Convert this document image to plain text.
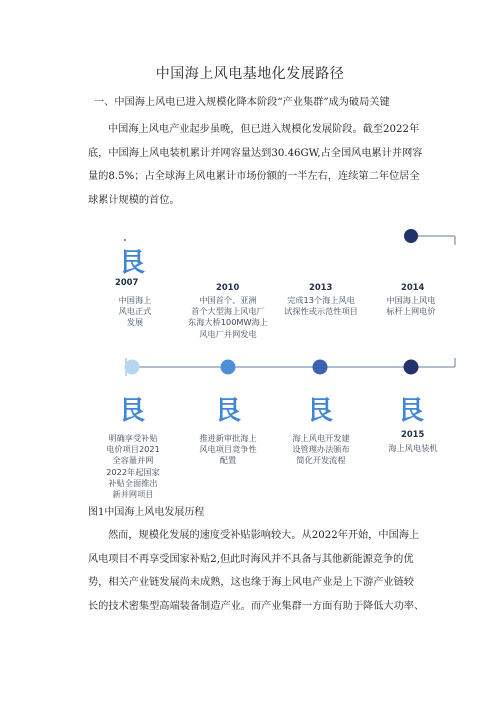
中国海上风电基地化发展路径
一、中国海上风电已进入规模化降本阶段“产业集群”成为破局关键
中国海上风电产业起步虽晚，但已进入规模化发展阶段。截至2022年
底，中国海上风电装机累计并网容量达到30.46GW,占全国风电累计并网容
量的8.5%；占全球海上风电累计市场份额的一半左右，连续第二年位居全
球累计规模的首位。
艮
2007
中国海上
风电正式
发展
2010
中国首个、亚洲
首个大型海上风电厂
东海大桥100MW海上
风电厂并网发电
2013
完成13个海上风电
试探性或示范性项目
2014
中国海上风电
标杆上网电价
艮	艮	艮 艮
明确享受补贴
电价项目2021
全容量并网
2022年起国家
补贴全面推出
新并网项目
推进新审批海上
风电项目竞争性
配置
海上风电开发建
设管理办法颁布
简化开发流程
2015
海上风电装机
图1中国海上风电发展历程
然而，规模化发展的速度受补贴影响较大。从2022年开始，中国海上
风电项目不再享受国家补贴2,但此时海风并不具备与其他新能源竞争的优
势，相关产业链发展尚未成熟，这也缘于海上风电产业是上下游产业链较
长的技术密集型高端装备制造产业。而产业集群一方面有助于降低大功率、
